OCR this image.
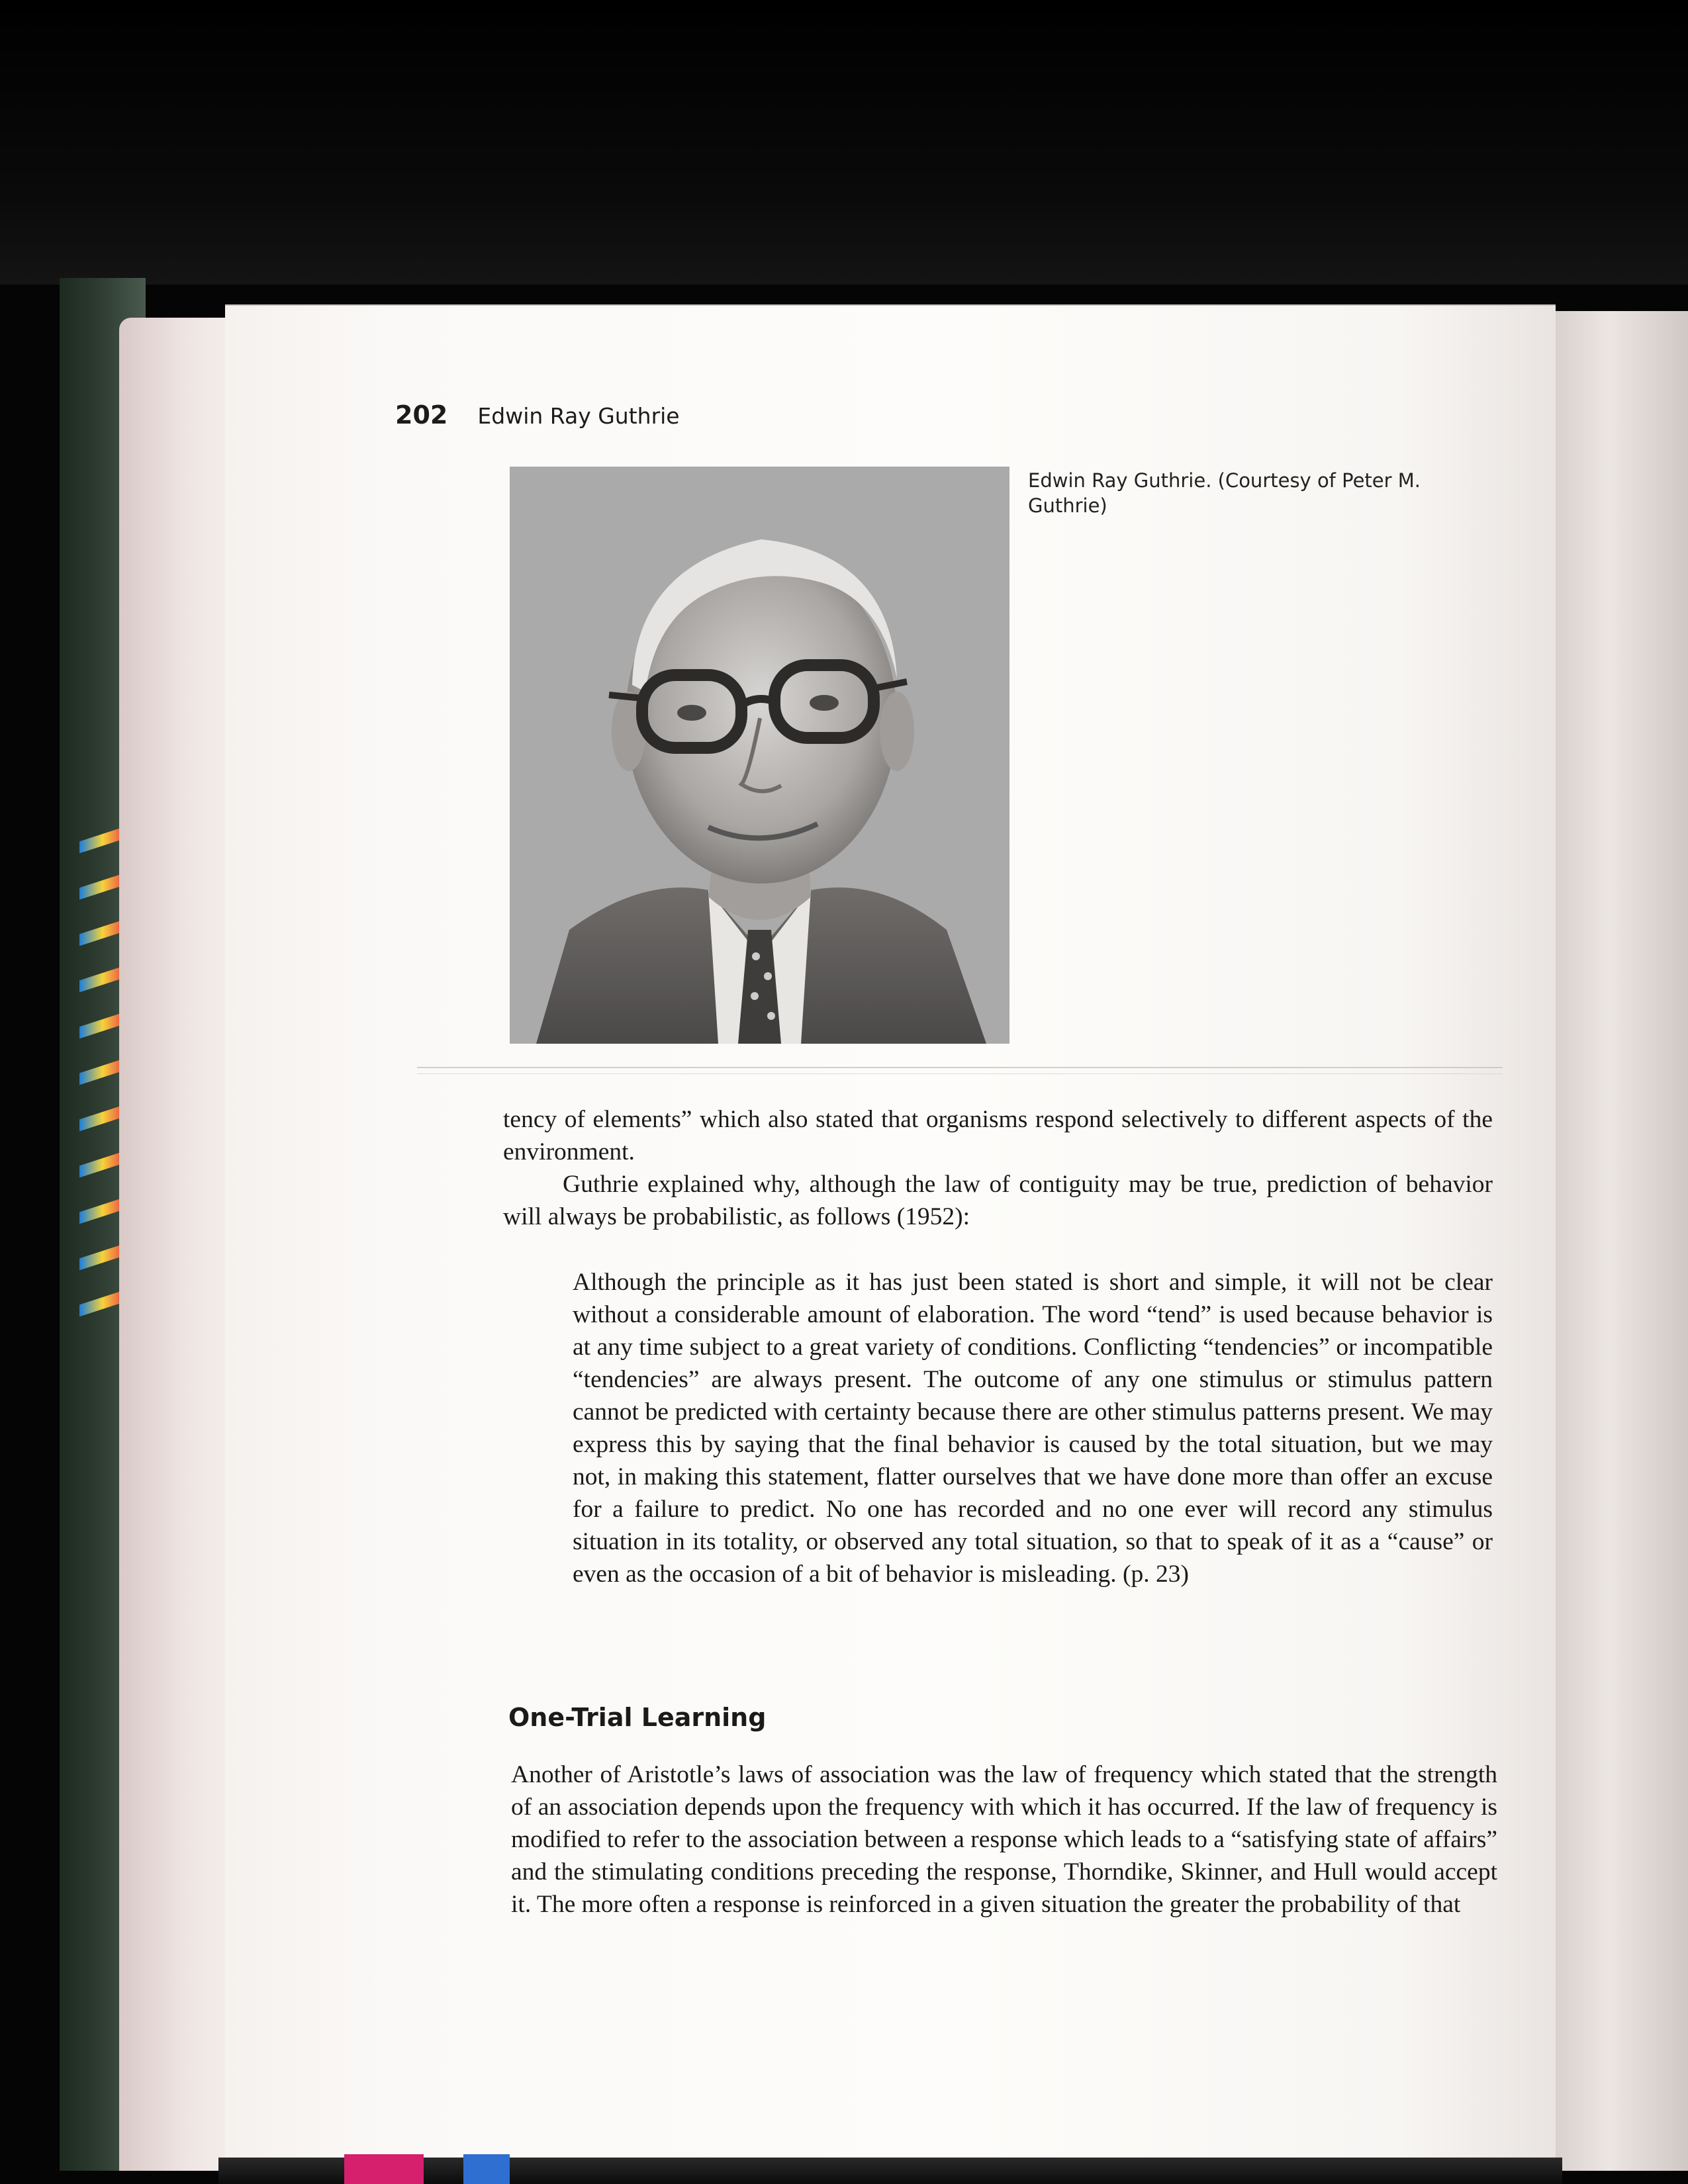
202 Edwin Ray Guthrie
Edwin Ray Guthrie. (Courtesy of Peter M. Guthrie)

tency of elements” which also stated that organisms respond selectively to different aspects of the environment.

Guthrie explained why, although the law of contiguity may be true, prediction of behavior will always be probabilistic, as follows (1952):

Although the principle as it has just been stated is short and simple, it will not be clear without a considerable amount of elaboration. The word “tend” is used because behavior is at any time subject to a great variety of conditions. Conflicting “tendencies” or incompatible “tendencies” are always present. The outcome of any one stimulus or stimulus pattern cannot be predicted with certainty because there are other stimulus patterns present. We may express this by saying that the final behavior is caused by the total situation, but we may not, in making this statement, flatter ourselves that we have done more than offer an excuse for a failure to predict. No one has recorded and no one ever will record any stimulus situation in its totality, or observed any total situation, so that to speak of it as a “cause” or even as the occasion of a bit of behavior is misleading. (p. 23)

One-Trial Learning

Another of Aristotle’s laws of association was the law of frequency which stated that the strength of an association depends upon the frequency with which it has occurred. If the law of frequency is modified to refer to the association between a response which leads to a “satisfying state of affairs” and the stimulating conditions preceding the response, Thorndike, Skinner, and Hull would accept it. The more often a response is reinforced in a given situation the greater the probability of that
